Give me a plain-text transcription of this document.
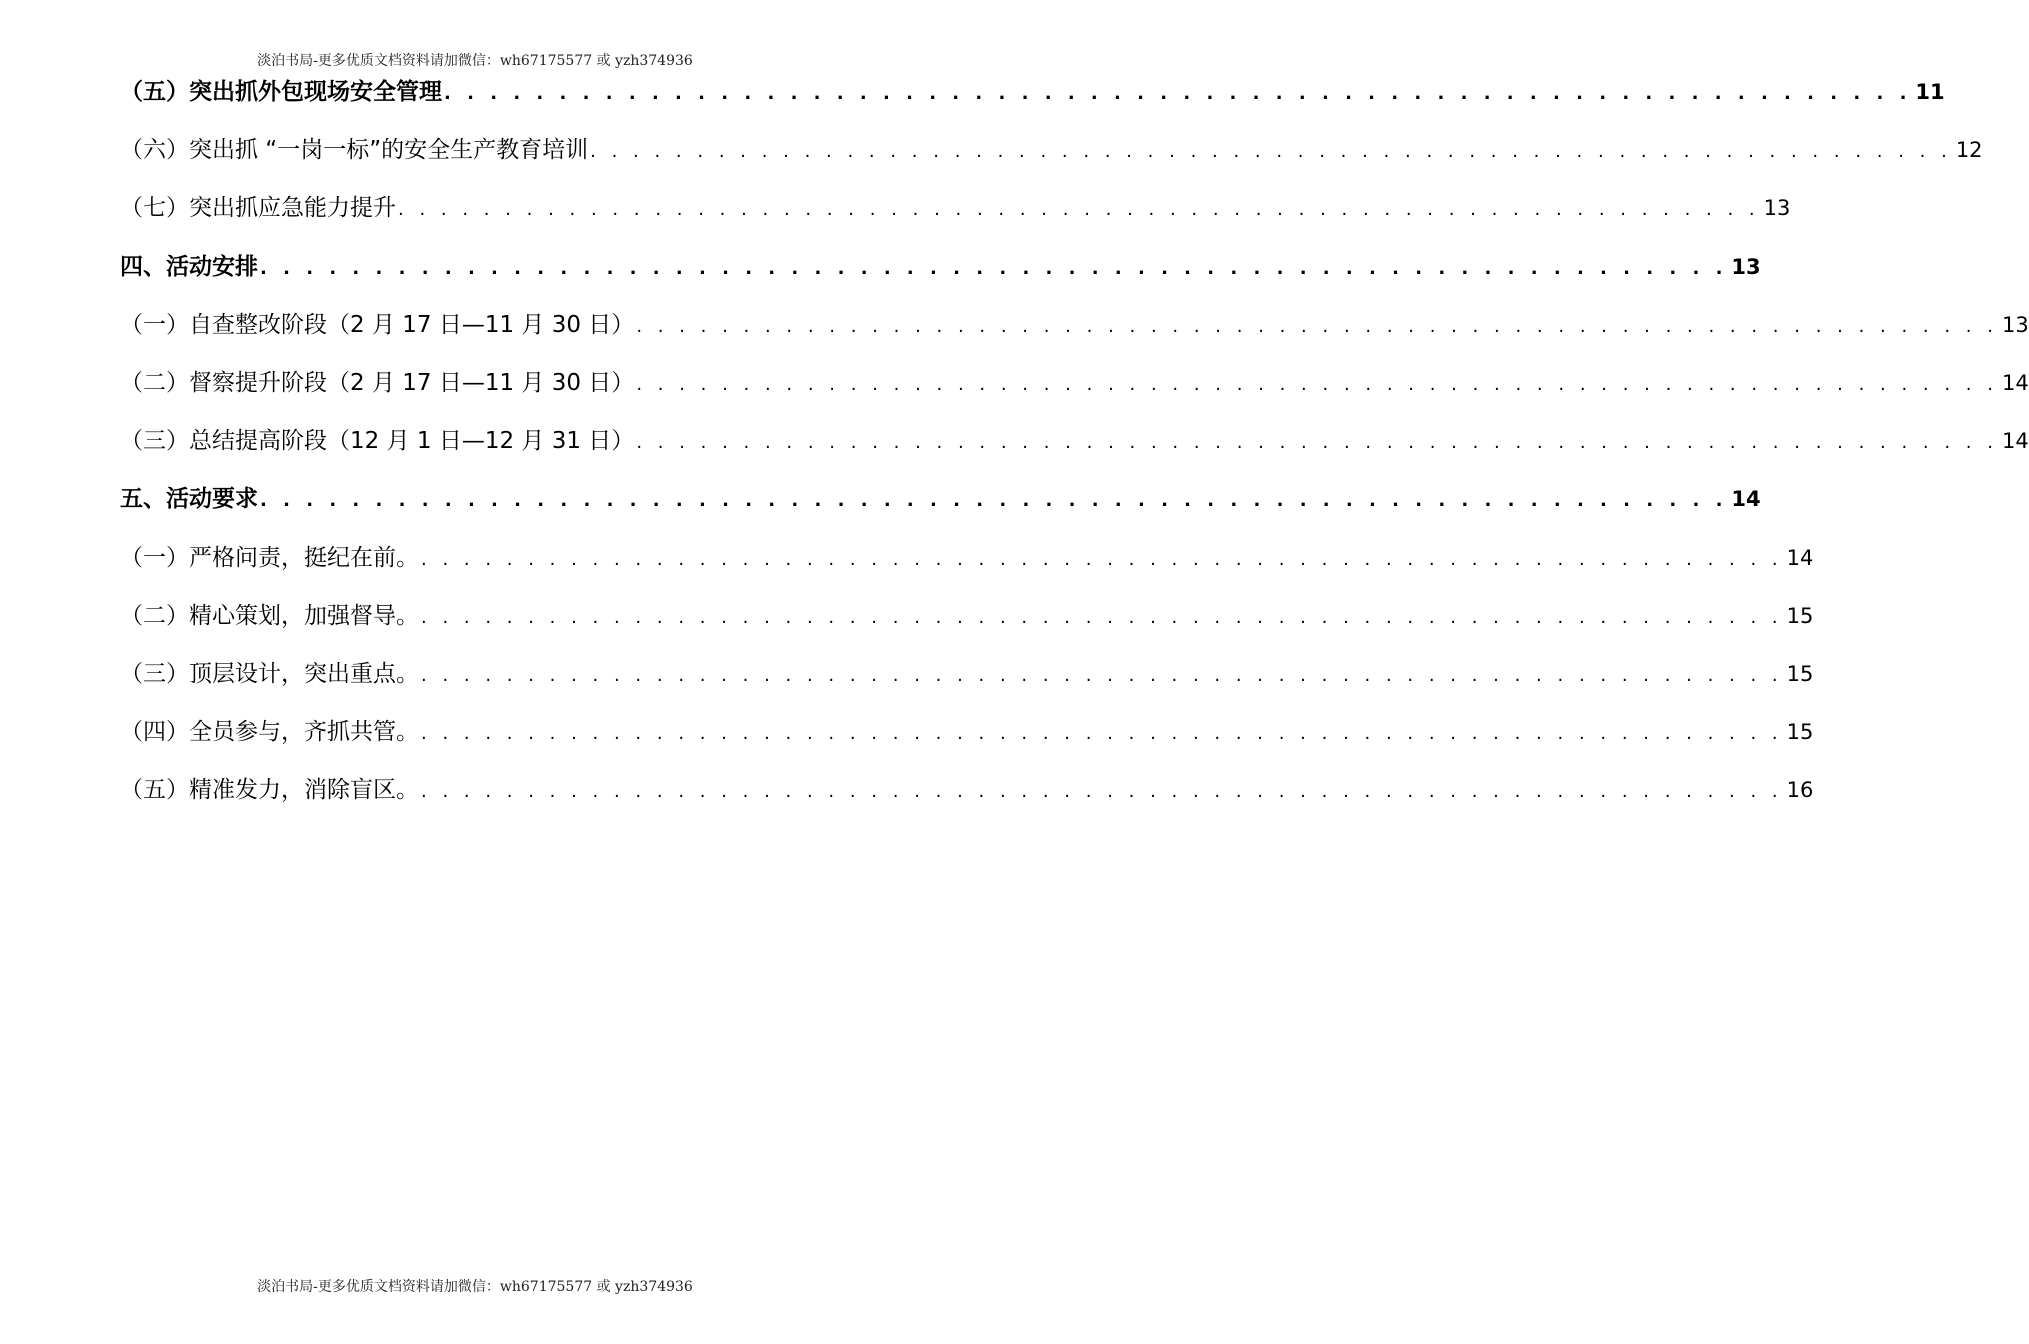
淡泊书局-更多优质文档资料请加微信：wh67175577 或 yzh374936
（五）突出抓外包现场安全管理 . . . . . . . . . . . . . . . . . . . . . . . . . . . . . . . . . . . . . . . . . . . . . . . . . . . . . . . . . . . . . . . . 11
（六）突出抓 “一岗一标”的安全生产教育培训 . . . . . . . . . . . . . . . . . . . . . . . . . . . . . . . . . . . . . . . . . . . . . . . . . . . . . . . . . . . . . . . . 12
（七）突出抓应急能力提升 . . . . . . . . . . . . . . . . . . . . . . . . . . . . . . . . . . . . . . . . . . . . . . . . . . . . . . . . . . . . . . . . 13
四、活动安排 . . . . . . . . . . . . . . . . . . . . . . . . . . . . . . . . . . . . . . . . . . . . . . . . . . . . . . . . . . . . . . . . 13
（一）自查整改阶段（2 月 17 日—11 月 30 日） . . . . . . . . . . . . . . . . . . . . . . . . . . . . . . . . . . . . . . . . . . . . . . . . . . . . . . . . . . . . . . . . 13
（二）督察提升阶段（2 月 17 日—11 月 30 日） . . . . . . . . . . . . . . . . . . . . . . . . . . . . . . . . . . . . . . . . . . . . . . . . . . . . . . . . . . . . . . . . 14
（三）总结提高阶段（12 月 1 日—12 月 31 日） . . . . . . . . . . . . . . . . . . . . . . . . . . . . . . . . . . . . . . . . . . . . . . . . . . . . . . . . . . . . . . . . 14
五、活动要求 . . . . . . . . . . . . . . . . . . . . . . . . . . . . . . . . . . . . . . . . . . . . . . . . . . . . . . . . . . . . . . . . 14
（一）严格问责，挺纪在前。 . . . . . . . . . . . . . . . . . . . . . . . . . . . . . . . . . . . . . . . . . . . . . . . . . . . . . . . . . . . . . . . . 14
（二）精心策划，加强督导。 . . . . . . . . . . . . . . . . . . . . . . . . . . . . . . . . . . . . . . . . . . . . . . . . . . . . . . . . . . . . . . . . 15
（三）顶层设计，突出重点。 . . . . . . . . . . . . . . . . . . . . . . . . . . . . . . . . . . . . . . . . . . . . . . . . . . . . . . . . . . . . . . . . 15
（四）全员参与，齐抓共管。 . . . . . . . . . . . . . . . . . . . . . . . . . . . . . . . . . . . . . . . . . . . . . . . . . . . . . . . . . . . . . . . . 15
（五）精准发力，消除盲区。 . . . . . . . . . . . . . . . . . . . . . . . . . . . . . . . . . . . . . . . . . . . . . . . . . . . . . . . . . . . . . . . . 16
淡泊书局-更多优质文档资料请加微信：wh67175577 或 yzh374936
